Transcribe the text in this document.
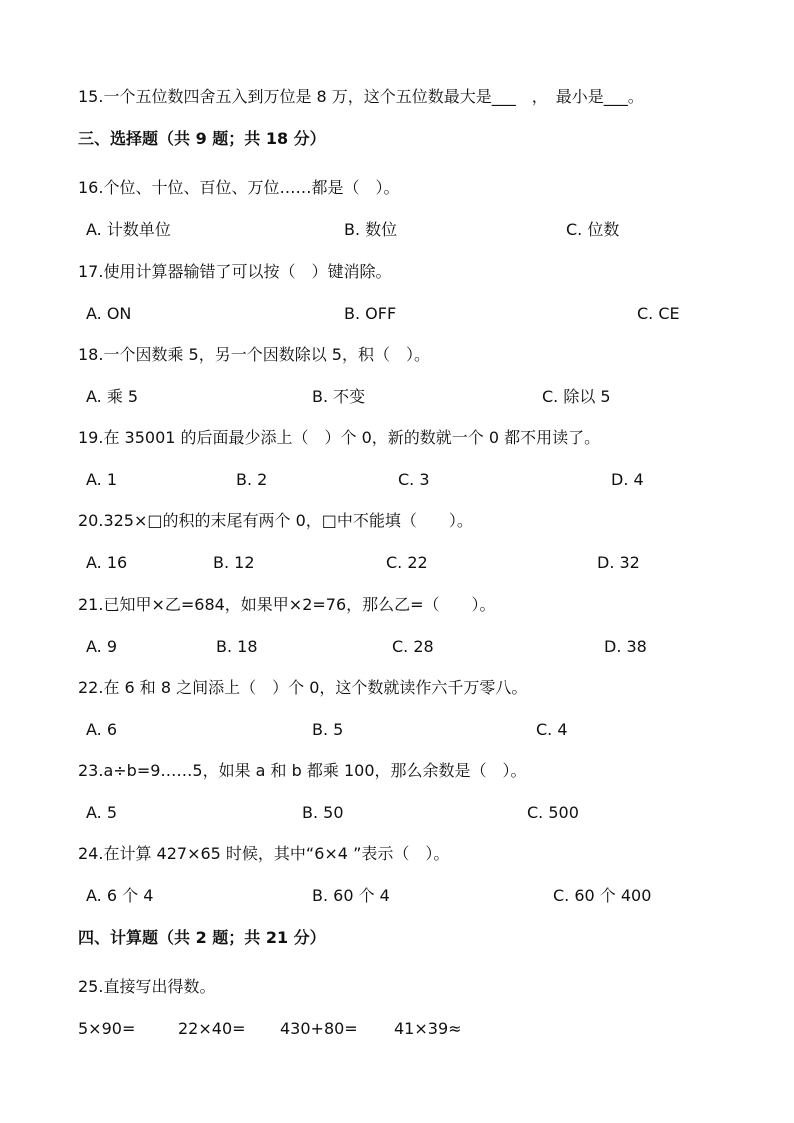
15.一个五位数四舍五入到万位是 8 万，这个五位数最大是___　，　最小是___。
三、选择题（共 9 题；共 18 分）
16.个位、十位、百位、万位……都是（　）。
A. 计数单位	B. 数位	C. 位数
17.使用计算器输错了可以按（　）键消除。
A. ON	B. OFF	C. CE
18.一个因数乘 5，另一个因数除以 5，积（　）。
A. 乘 5	B. 不变	C. 除以 5
19.在 35001 的后面最少添上（　）个 0，新的数就一个 0 都不用读了。
A. 1	B. 2	C. 3	D. 4
20.325×□的积的末尾有两个 0，□中不能填（　　）。
A. 16	B. 12	C. 22	D. 32
21.已知甲×乙=684，如果甲×2=76，那么乙=（　　）。
A. 9	B. 18	C. 28	D. 38
22.在 6 和 8 之间添上（　）个 0，这个数就读作六千万零八。
A. 6	B. 5	C. 4
23.a÷b=9……5，如果 a 和 b 都乘 100，那么余数是（　）。
A. 5	B. 50	C. 500
24.在计算 427×65 时候，其中“6×4 ”表示（　）。
A. 6 个 4	B. 60 个 4	C. 60 个 400
四、计算题（共 2 题；共 21 分）
25.直接写出得数。
5×90=	22×40= 430+80= 41×39≈
